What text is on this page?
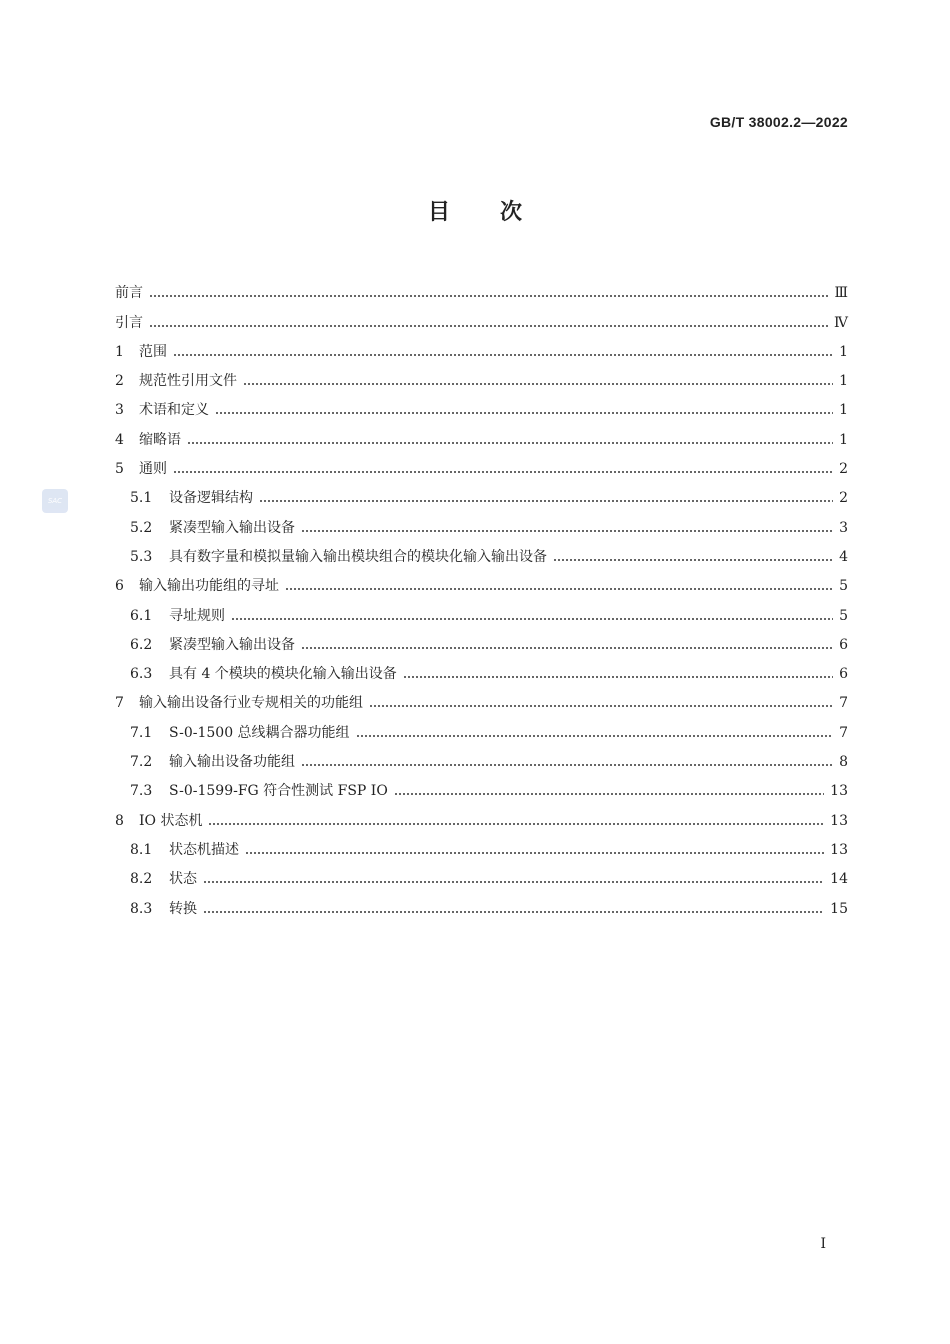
GB/T 38002.2—2022
目次
SAC
前言	Ⅲ
引言	Ⅳ
1	范围	1
2	规范性引用文件	1
3	术语和定义	1
4	缩略语	1
5	通则	2
5.1	设备逻辑结构	2
5.2	紧凑型输入输出设备	3
5.3	具有数字量和模拟量输入输出模块组合的模块化输入输出设备	4
6	输入输出功能组的寻址	5
6.1	寻址规则	5
6.2	紧凑型输入输出设备	6
6.3	具有 4 个模块的模块化输入输出设备	6
7	输入输出设备行业专规相关的功能组	7
7.1	S-0-1500 总线耦合器功能组	7
7.2	输入输出设备功能组	8
7.3	S-0-1599-FG 符合性测试 FSP IO	13
8	IO 状态机	13
8.1	状态机描述	13
8.2	状态	14
8.3	转换	15
I
